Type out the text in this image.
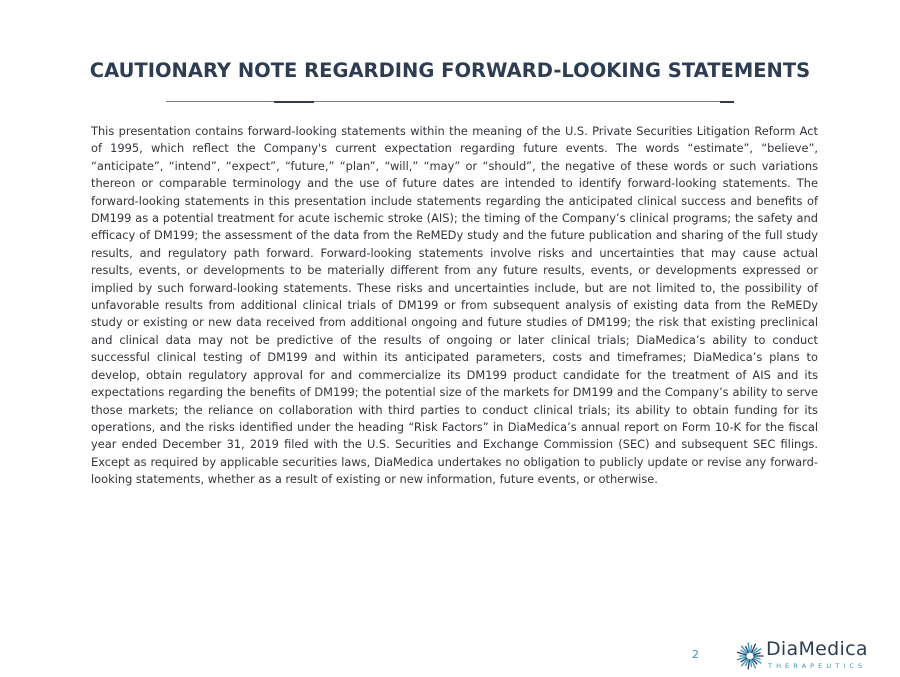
CAUTIONARY NOTE REGARDING FORWARD-LOOKING STATEMENTS

This presentation contains forward-looking statements within the meaning of the U.S. Private Securities Litigation Reform Act of 1995, which reflect the Company's current expectation regarding future events. The words “estimate”, “believe”, “anticipate”, “intend”, “expect”, “future,” “plan”, “will,” “may” or “should”, the negative of these words or such variations thereon or comparable terminology and the use of future dates are intended to identify forward-looking statements. The forward-looking statements in this presentation include statements regarding the anticipated clinical success and benefits of DM199 as a potential treatment for acute ischemic stroke (AIS); the timing of the Company’s clinical programs; the safety and efficacy of DM199; the assessment of the data from the ReMEDy study and the future publication and sharing of the full study results, and regulatory path forward. Forward-looking statements involve risks and uncertainties that may cause actual results, events, or developments to be materially different from any future results, events, or developments expressed or implied by such forward-looking statements. These risks and uncertainties include, but are not limited to, the possibility of unfavorable results from additional clinical trials of DM199 or from subsequent analysis of existing data from the ReMEDy study or existing or new data received from additional ongoing and future studies of DM199; the risk that existing preclinical and clinical data may not be predictive of the results of ongoing or later clinical trials; DiaMedica’s ability to conduct successful clinical testing of DM199 and within its anticipated parameters, costs and timeframes; DiaMedica’s plans to develop, obtain regulatory approval for and commercialize its DM199 product candidate for the treatment of AIS and its expectations regarding the benefits of DM199; the potential size of the markets for DM199 and the Company’s ability to serve those markets; the reliance on collaboration with third parties to conduct clinical trials; its ability to obtain funding for its operations, and the risks identified under the heading “Risk Factors” in DiaMedica’s annual report on Form 10-K for the fiscal year ended December 31, 2019 filed with the U.S. Securities and Exchange Commission (SEC) and subsequent SEC filings. Except as required by applicable securities laws, DiaMedica undertakes no obligation to publicly update or revise any forward-looking statements, whether as a result of existing or new information, future events, or otherwise.

2	DiaMedica
THERAPEUTICS
